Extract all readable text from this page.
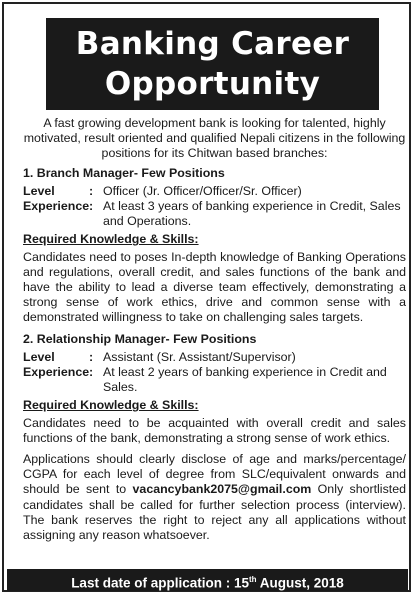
Banking Career
Opportunity

A fast growing development bank is looking for talented, highly motivated, result oriented and qualified Nepali citizens in the following positions for its Chitwan based branches:

1. Branch Manager- Few Positions
Level	: Officer (Jr. Officer/Officer/Sr. Officer)
Experience : At least 3 years of banking experience in Credit, Sales and Operations.
Required Knowledge & Skills:

Candidates need to poses In-depth knowledge of Banking Operations and regulations, overall credit, and sales functions of the bank and have the ability to lead a diverse team effectively, demonstrating a strong sense of work ethics, drive and common sense with a demonstrated willingness to take on challenging sales targets.

2. Relationship Manager- Few Positions
Level	: Assistant (Sr. Assistant/Supervisor)
Experience : At least 2 years of banking experience in Credit and Sales.
Required Knowledge & Skills:

Candidates need to be acquainted with overall credit and sales functions of the bank, demonstrating a strong sense of work ethics.

Applications should clearly disclose of age and marks/percentage/ CGPA for each level of degree from SLC/equivalent onwards and should be sent to vacancybank2075@gmail.com Only shortlisted candidates shall be called for further selection process (interview). The bank reserves the right to reject any all applications without assigning any reason whatsoever.

Last date of application : 15th August, 2018
